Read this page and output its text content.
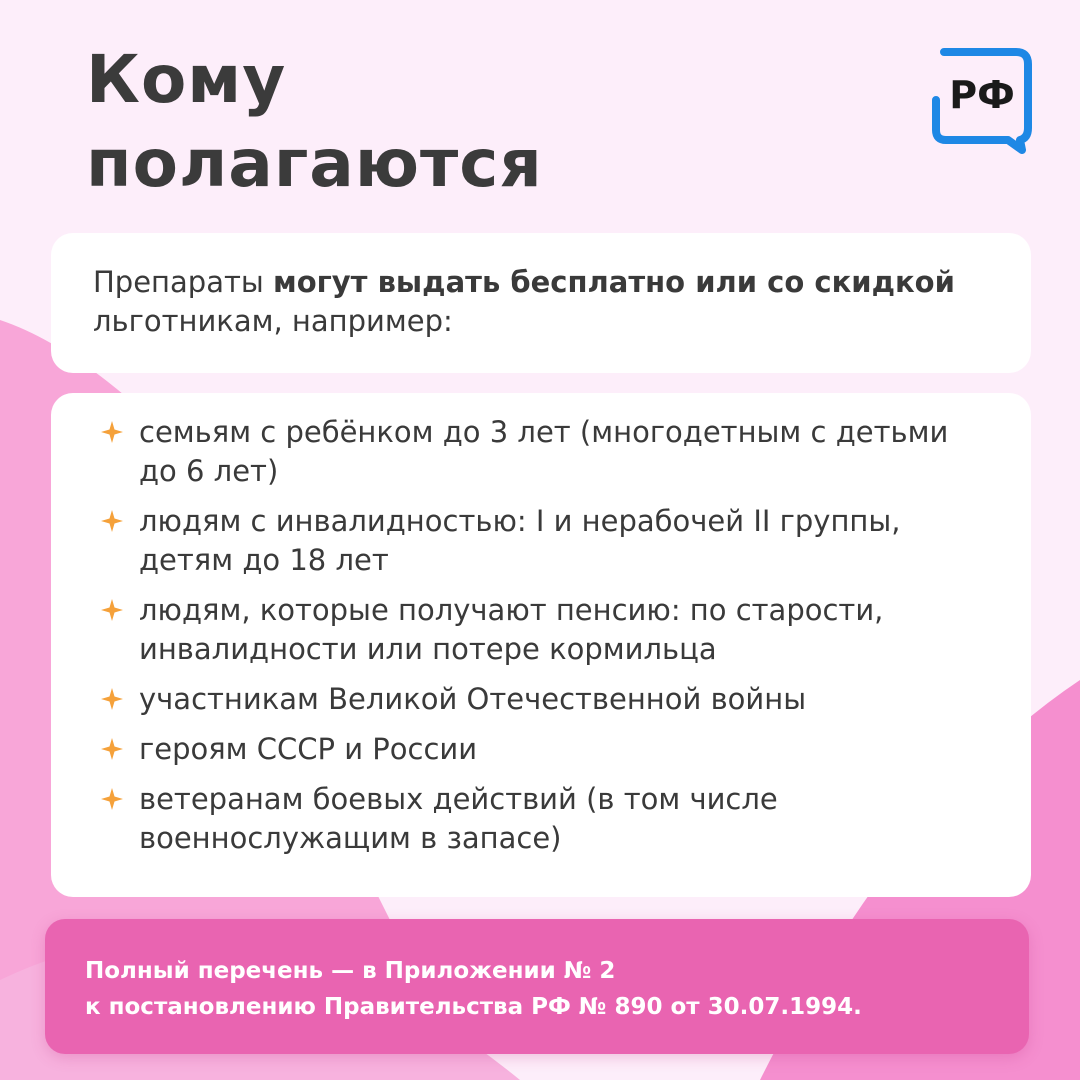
Кому
полагаются
РФ

Препараты могут выдать бесплатно или со скидкой
льготникам, например:

семьям с ребёнком до 3 лет (многодетным с детьми
до 6 лет)
людям с инвалидностью: I и нерабочей II группы,
детям до 18 лет
людям, которые получают пенсию: по старости,
инвалидности или потере кормильца
участникам Великой Отечественной войны
героям СССР и России
ветеранам боевых действий (в том числе
военнослужащим в запасе)

Полный перечень — в Приложении № 2

к постановлению Правительства РФ № 890 от 30.07.1994.
